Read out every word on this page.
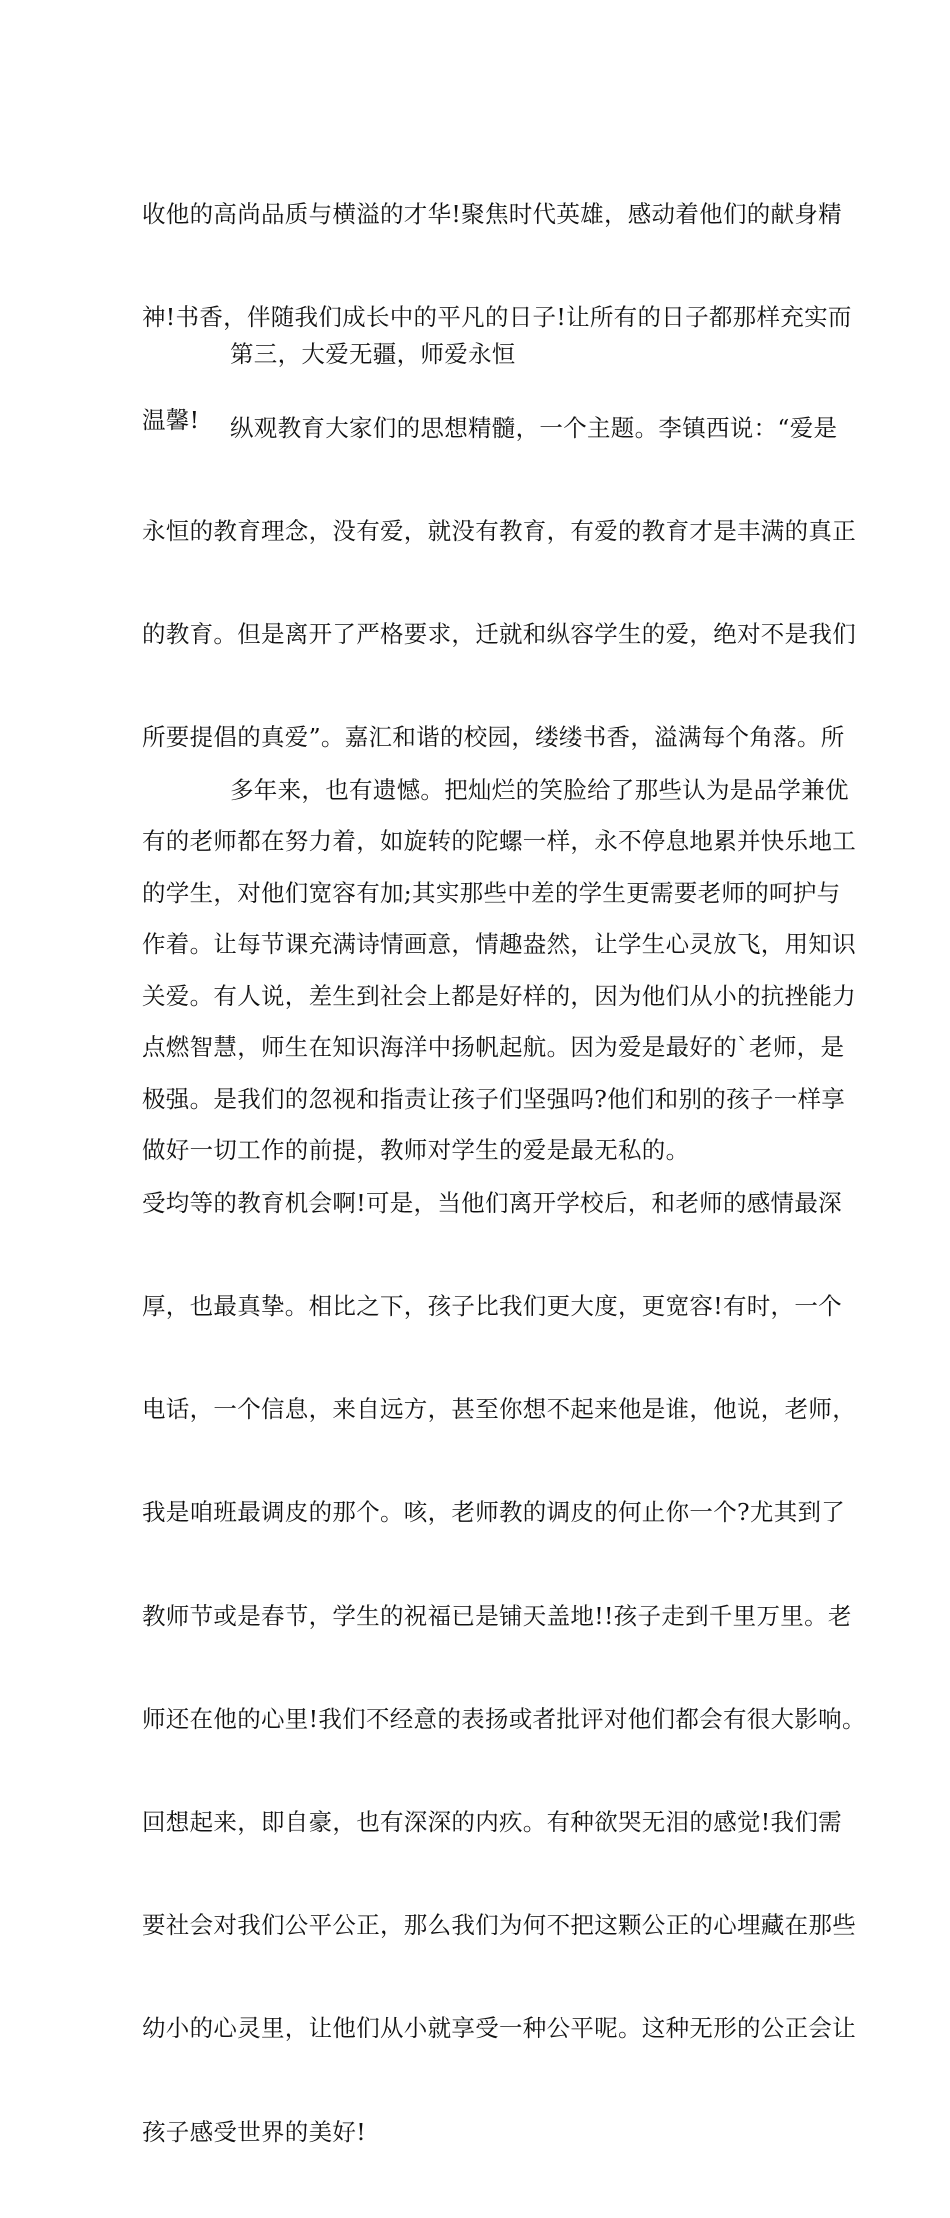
收他的高尚品质与横溢的才华!聚焦时代英雄，感动着他们的献身精

神!书香，伴随我们成长中的平凡的日子!让所有的日子都那样充实而

温馨!

第三，大爱无疆，师爱永恒

纵观教育大家们的思想精髓，一个主题。李镇西说：“爱是

永恒的教育理念，没有爱，就没有教育，有爱的教育才是丰满的真正

的教育。但是离开了严格要求，迁就和纵容学生的爱，绝对不是我们

所要提倡的真爱”。嘉汇和谐的校园，缕缕书香，溢满每个角落。所

有的老师都在努力着，如旋转的陀螺一样，永不停息地累并快乐地工

作着。让每节课充满诗情画意，情趣盎然，让学生心灵放飞，用知识

点燃智慧，师生在知识海洋中扬帆起航。因为爱是最好的`老师，是

做好一切工作的前提，教师对学生的爱是最无私的。

多年来，也有遗憾。把灿烂的笑脸给了那些认为是品学兼优

的学生，对他们宽容有加;其实那些中差的学生更需要老师的呵护与

关爱。有人说，差生到社会上都是好样的，因为他们从小的抗挫能力

极强。是我们的忽视和指责让孩子们坚强吗?他们和别的孩子一样享

受均等的教育机会啊!可是，当他们离开学校后，和老师的感情最深

厚，也最真挚。相比之下，孩子比我们更大度，更宽容!有时，一个

电话，一个信息，来自远方，甚至你想不起来他是谁，他说，老师，

我是咱班最调皮的那个。咳，老师教的调皮的何止你一个?尤其到了

教师节或是春节，学生的祝福已是铺天盖地!!孩子走到千里万里。老

师还在他的心里!我们不经意的表扬或者批评对他们都会有很大影响。

回想起来，即自豪，也有深深的内疚。有种欲哭无泪的感觉!我们需

要社会对我们公平公正，那么我们为何不把这颗公正的心埋藏在那些

幼小的心灵里，让他们从小就享受一种公平呢。这种无形的公正会让

孩子感受世界的美好!
